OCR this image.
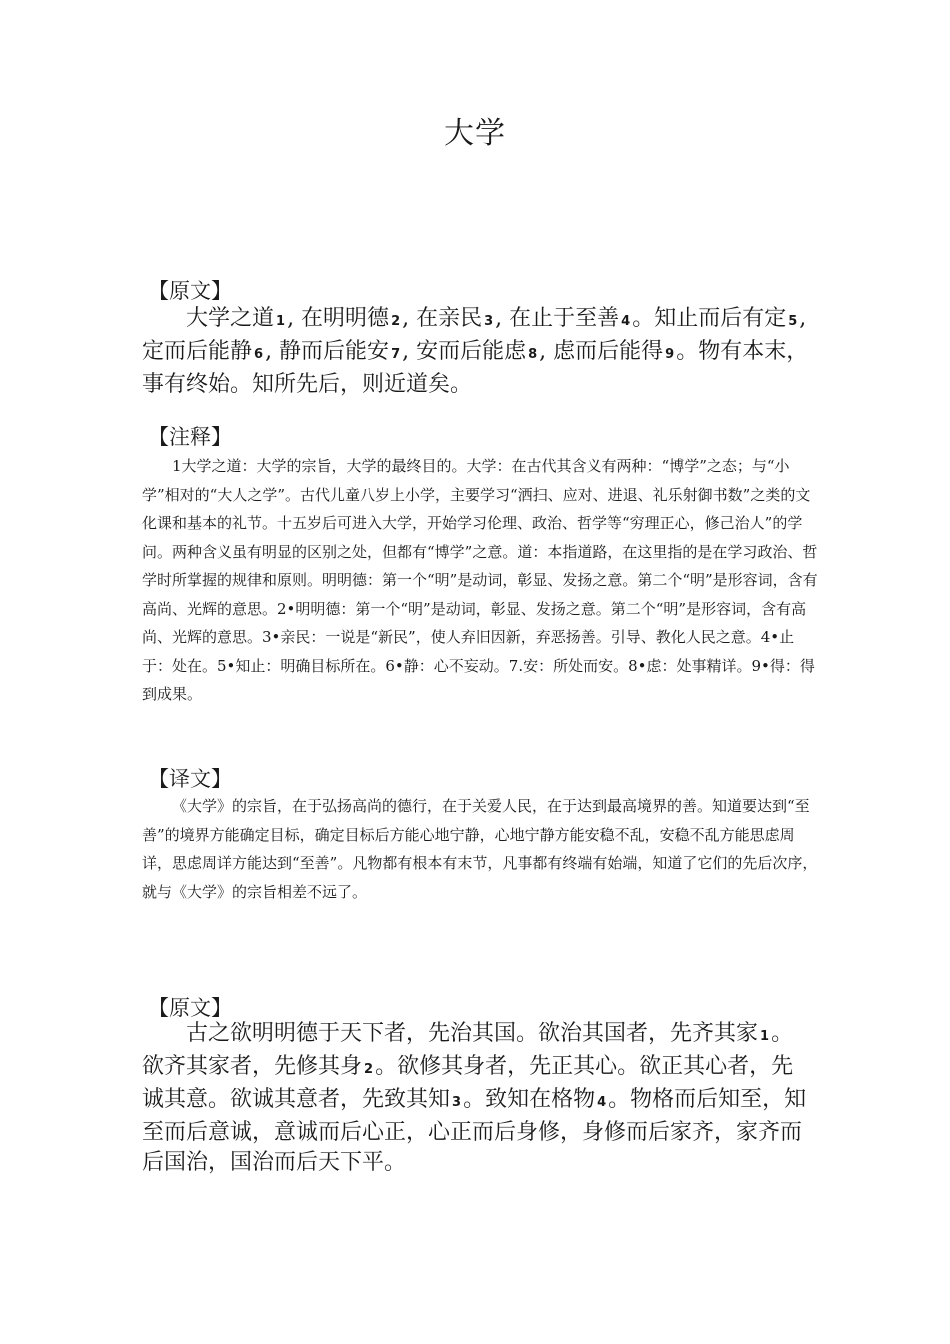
大学
【原文】

大学之道 1, 在明明德 2, 在亲民 3, 在止于至善 4。知止而后有定 5, 定而后能静 6, 静而后能安 7, 安而后能虑 8, 虑而后能得 9。物有本末，事有终始。知所先后，则近道矣。

【注释】

1大学之道：大学的宗旨，大学的最终目的。大学：在古代其含义有两种：“博学”之态；与“小学”相对的“大人之学”。古代儿童八岁上小学，主要学习“洒扫、应对、进退、礼乐射御书数”之类的文化课和基本的礼节。十五岁后可进入大学，开始学习伦理、政治、哲学等“穷理正心，修己治人”的学问。两种含义虽有明显的区别之处，但都有“博学”之意。道：本指道路，在这里指的是在学习政治、哲学时所掌握的规律和原则。明明德：第一个“明”是动词，彰显、发扬之意。第二个“明”是形容词，含有高尚、光辉的意思。2•明明德：第一个“明”是动词，彰显、发扬之意。第二个“明”是形容词，含有高尚、光辉的意思。3•亲民：一说是“新民”，使人弃旧因新，弃恶扬善。引导、教化人民之意。4•止于：处在。5•知止：明确目标所在。6•静：心不妄动。7.安：所处而安。8•虑：处事精详。9•得：得到成果。

【译文】

《大学》的宗旨，在于弘扬高尚的德行，在于关爱人民，在于达到最高境界的善。知道要达到“至善”的境界方能确定目标，确定目标后方能心地宁静，心地宁静方能安稳不乱，安稳不乱方能思虑周详，思虑周详方能达到“至善”。凡物都有根本有末节，凡事都有终端有始端，知道了它们的先后次序，就与《大学》的宗旨相差不远了。

【原文】

古之欲明明德于天下者，先治其国。欲治其国者，先齐其家 1。欲齐其家者，先修其身 2。欲修其身者，先正其心。欲正其心者，先诚其意。欲诚其意者，先致其知 3。致知在格物 4。物格而后知至，知至而后意诚，意诚而后心正，心正而后身修，身修而后家齐，家齐而后国治，国治而后天下平。
